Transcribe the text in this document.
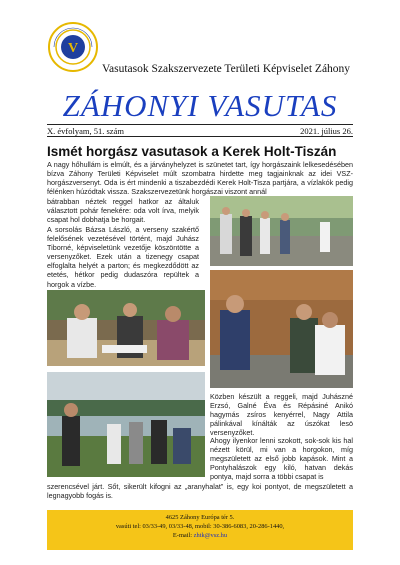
V
Vasutasok Szakszervezete Területi Képviselet Záhony
ZÁHONYI VASUTAS
X. évfolyam, 51. szám	2021. július 26.
Ismét horgász vasutasok a Kerek Holt-Tiszán
A nagy hőhullám is elmúlt, és a járványhelyzet is szünetet tart, így horgászaink lelkesedésében bízva Záhony Területi Képviselet múlt szombatra hirdette meg tagjainknak az idei VSZ-horgászversenyt. Oda is ért mindenki a tiszabezdédi Kerek Holt-Tisza partjára, a vízlakók pedig félénken húzódtak vissza. Szakszervezetünk horgászai viszont annál
bátrabban néztek reggel hatkor az általuk választott pohár fenekére: oda volt írva, melyik csapat hol dobhatja be horgait.
A sorsolás Bázsa László, a verseny szakértő felelősének vezetésével történt, majd Juhász Tiborné, képviseletünk vezetője köszöntötte a versenyzőket. Ezek után a tizenegy csapat elfoglalta helyét a parton; és megkezdődött az etetés, hétkor pedig dudaszóra repültek a horgok a vízbe.
Közben készült a reggeli, majd Juhászné Erzsó, Galné Éva és Répásiné Anikó hagymás zsíros kenyérrel, Nagy Attila pálinkával kínálták az úszókat lesö versenyzőket.
Ahogy ilyenkor lenni szokott, sok-sok kis hal nézett körül, mi van a horgokon, míg megszületett az első jobb kapások. Mint a Pontyhalászok egy kiló, hatvan dekás pontya, majd sorra a többi csapat is
szerencsével járt. Sőt, sikerült kifogni az „aranyhalat” is, egy koi pontyot, de megszületett a legnagyobb fogás is.
4625 Záhony Európa tér 5.
vasúti tel: 03/33-49, 03/33-48, mobil: 30-386-6083, 20-286-1440,
E-mail: zhtk@vsz.hu
